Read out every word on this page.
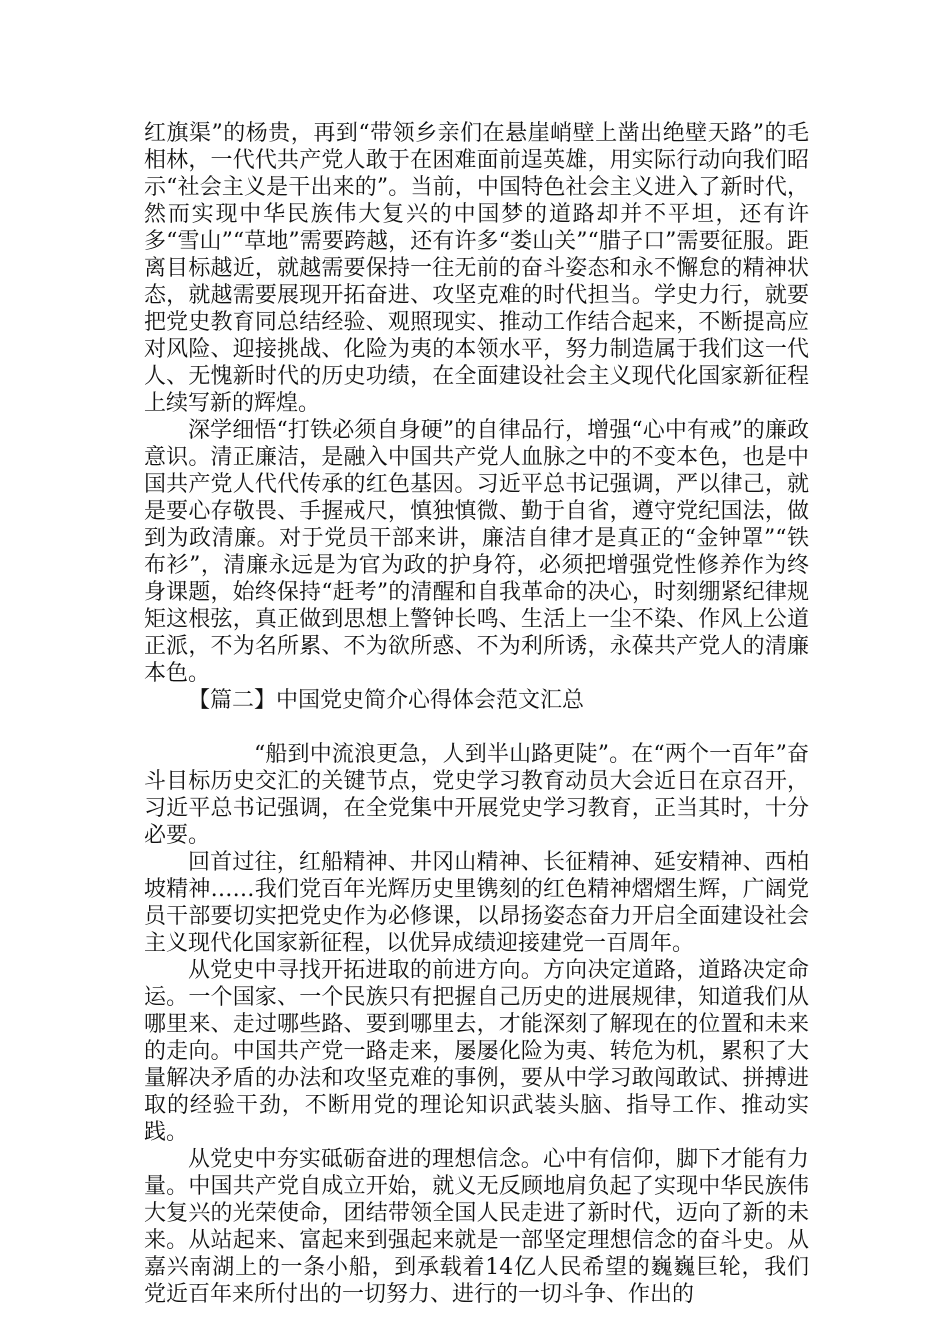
红旗渠”的杨贵，再到“带领乡亲们在悬崖峭壁上凿出绝壁天路”的毛相林，一代代共产党人敢于在困难面前逞英雄，用实际行动向我们昭示“社会主义是干出来的”。当前，中国特色社会主义进入了新时代，然而实现中华民族伟大复兴的中国梦的道路却并不平坦，还有许多“雪山”“草地”需要跨越，还有许多“娄山关”“腊子口”需要征服。距离目标越近，就越需要保持一往无前的奋斗姿态和永不懈怠的精神状态，就越需要展现开拓奋进、攻坚克难的时代担当。学史力行，就要把党史教育同总结经验、观照现实、推动工作结合起来，不断提高应对风险、迎接挑战、化险为夷的本领水平，努力制造属于我们这一代人、无愧新时代的历史功绩，在全面建设社会主义现代化国家新征程上续写新的辉煌。

深学细悟“打铁必须自身硬”的自律品行，增强“心中有戒”的廉政意识。清正廉洁，是融入中国共产党人血脉之中的不变本色，也是中国共产党人代代传承的红色基因。习近平总书记强调，严以律己，就是要心存敬畏、手握戒尺，慎独慎微、勤于自省，遵守党纪国法，做到为政清廉。对于党员干部来讲，廉洁自律才是真正的“金钟罩”“铁布衫”，清廉永远是为官为政的护身符，必须把增强党性修养作为终身课题，始终保持“赶考”的清醒和自我革命的决心，时刻绷紧纪律规矩这根弦，真正做到思想上警钟长鸣、生活上一尘不染、作风上公道正派，不为名所累、不为欲所惑、不为利所诱，永葆共产党人的清廉本色。

【篇二】中国党史简介心得体会范文汇总

“船到中流浪更急，人到半山路更陡”。在“两个一百年”奋斗目标历史交汇的关键节点，党史学习教育动员大会近日在京召开，习近平总书记强调，在全党集中开展党史学习教育，正当其时，十分必要。

回首过往，红船精神、井冈山精神、长征精神、延安精神、西柏坡精神……我们党百年光辉历史里镌刻的红色精神熠熠生辉，广阔党员干部要切实把党史作为必修课，以昂扬姿态奋力开启全面建设社会主义现代化国家新征程，以优异成绩迎接建党一百周年。

从党史中寻找开拓进取的前进方向。方向决定道路，道路决定命运。一个国家、一个民族只有把握自己历史的进展规律，知道我们从哪里来、走过哪些路、要到哪里去，才能深刻了解现在的位置和未来的走向。中国共产党一路走来，屡屡化险为夷、转危为机，累积了大量解决矛盾的办法和攻坚克难的事例，要从中学习敢闯敢试、拼搏进取的经验干劲，不断用党的理论知识武装头脑、指导工作、推动实践。

从党史中夯实砥砺奋进的理想信念。心中有信仰，脚下才能有力量。中国共产党自成立开始，就义无反顾地肩负起了实现中华民族伟大复兴的光荣使命，团结带领全国人民走进了新时代，迈向了新的未来。从站起来、富起来到强起来就是一部坚定理想信念的奋斗史。从嘉兴南湖上的一条小船，到承载着14亿人民希望的巍巍巨轮，我们党近百年来所付出的一切努力、进行的一切斗争、作出的
